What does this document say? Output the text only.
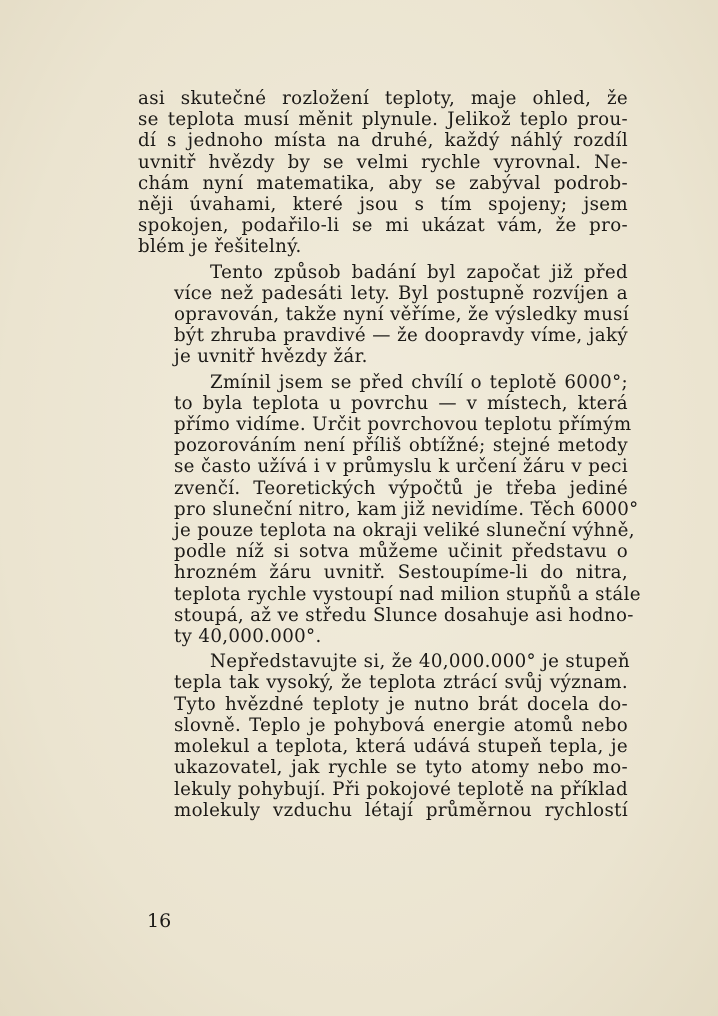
asi skutečné rozložení teploty, maje ohled, že
se teplota musí měnit plynule. Jelikož teplo prou-
dí s jednoho místa na druhé, každý náhlý rozdíl
uvnitř hvězdy by se velmi rychle vyrovnal. Ne-
chám nyní matematika, aby se zabýval podrob-
něji úvahami, které jsou s tím spojeny; jsem
spokojen, podařilo-li se mi ukázat vám, že pro-
blém je řešitelný.
Tento způsob badání byl započat již před
více než padesáti lety. Byl postupně rozvíjen a
opravován, takže nyní věříme, že výsledky musí
být zhruba pravdivé — že doopravdy víme, jaký
je uvnitř hvězdy žár.
Zmínil jsem se před chvílí o teplotě 6000°;
to byla teplota u povrchu — v místech, která
přímo vidíme. Určit povrchovou teplotu přímým
pozorováním není příliš obtížné; stejné metody
se často užívá i v průmyslu k určení žáru v peci
zvenčí. Teoretických výpočtů je třeba jediné
pro sluneční nitro, kam již nevidíme. Těch 6000°
je pouze teplota na okraji veliké sluneční výhně,
podle níž si sotva můžeme učinit představu o
hrozném žáru uvnitř. Sestoupíme-li do nitra,
teplota rychle vystoupí nad milion stupňů a stále
stoupá, až ve středu Slunce dosahuje asi hodno-
ty 40,000.000°.
Nepředstavujte si, že 40,000.000° je stupeň
tepla tak vysoký, že teplota ztrácí svůj význam.
Tyto hvězdné teploty je nutno brát docela do-
slovně. Teplo je pohybová energie atomů nebo
molekul a teplota, která udává stupeň tepla, je
ukazovatel, jak rychle se tyto atomy nebo mo-
lekuly pohybují. Při pokojové teplotě na příklad
molekuly vzduchu létají průměrnou rychlostí
16
